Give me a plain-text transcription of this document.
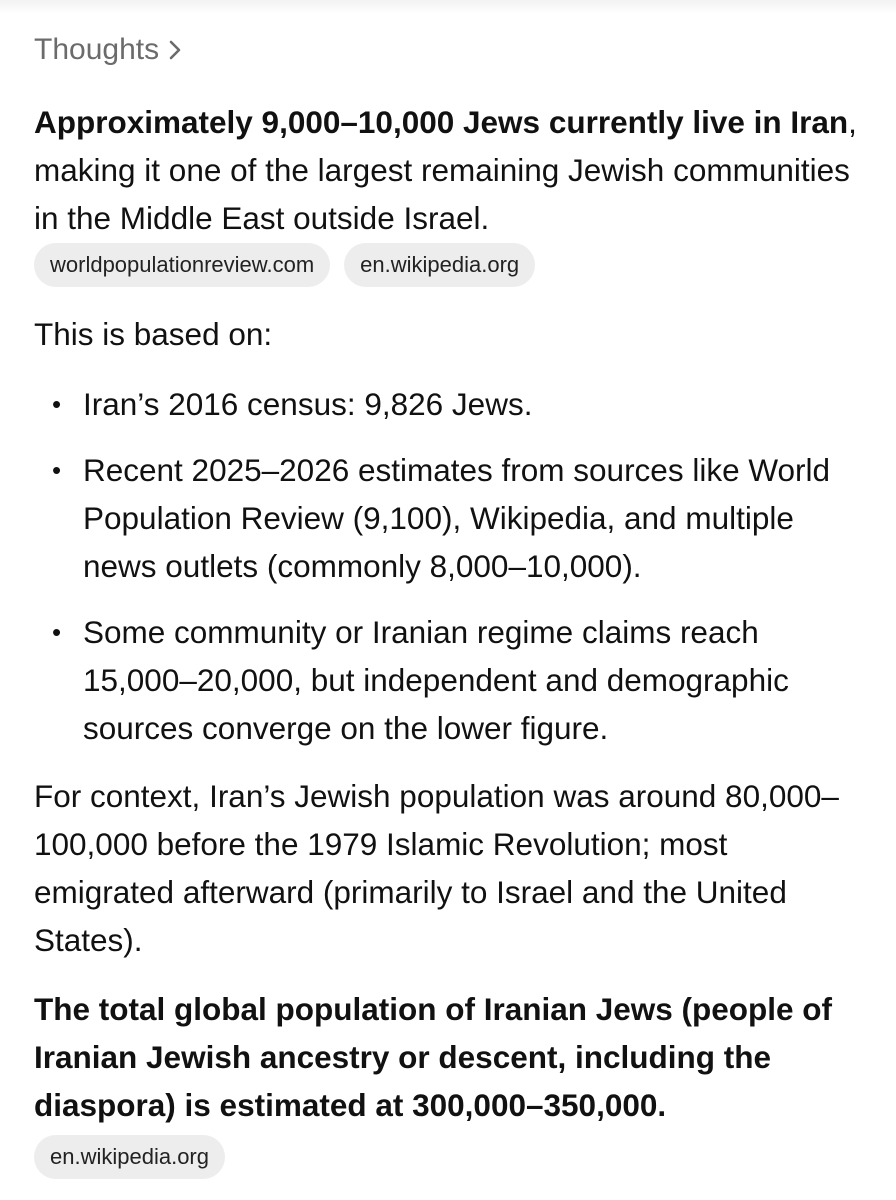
Thoughts

Approximately 9,000–10,000 Jews currently live in Iran, making it one of the largest remaining Jewish communities in the Middle East outside Israel.

worldpopulationreview.com	en.wikipedia.org

This is based on:

• Iran’s 2016 census: 9,826 Jews.
• Recent 2025–2026 estimates from sources like World Population Review (9,100), Wikipedia, and multiple news outlets (commonly 8,000–10,000).
• Some community or Iranian regime claims reach 15,000–20,000, but independent and demographic sources converge on the lower figure.

For context, Iran’s Jewish population was around 80,000–100,000 before the 1979 Islamic Revolution; most emigrated afterward (primarily to Israel and the United States).

The total global population of Iranian Jews (people of Iranian Jewish ancestry or descent, including the diaspora) is estimated at 300,000–350,000.

en.wikipedia.org
